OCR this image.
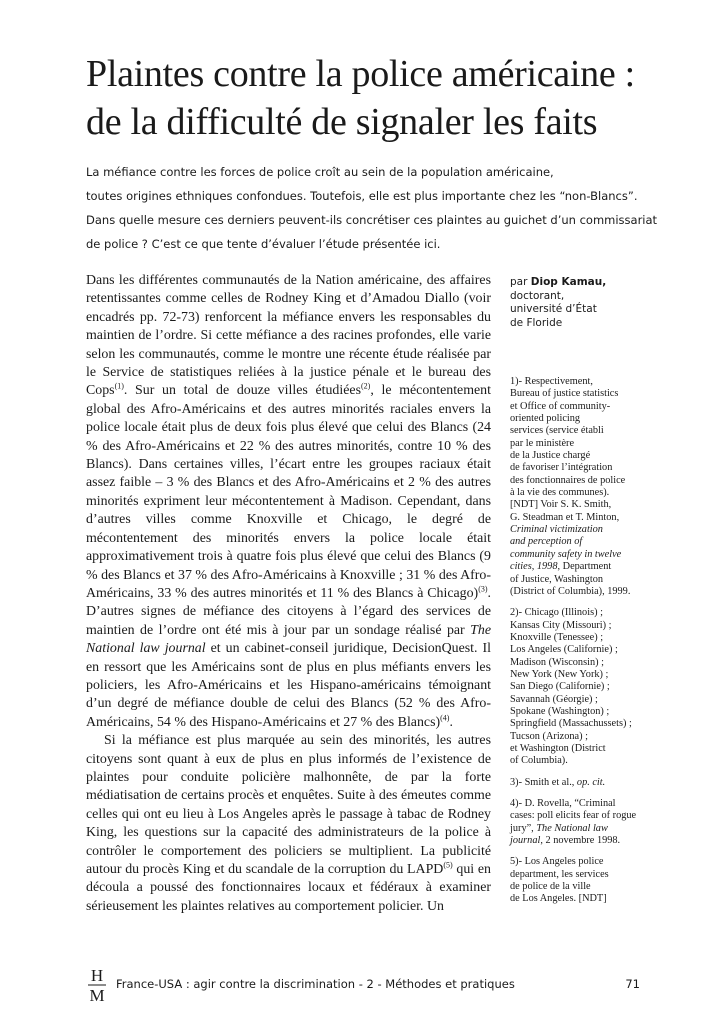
Plaintes contre la police américaine :
de la difficulté de signaler les faits
La méfiance contre les forces de police croît au sein de la population américaine,
toutes origines ethniques confondues. Toutefois, elle est plus importante chez les “non-Blancs”.
Dans quelle mesure ces derniers peuvent-ils concrétiser ces plaintes au guichet d’un commissariat
de police ? C’est ce que tente d’évaluer l’étude présentée ici.

Dans les différentes communautés de la Nation américaine, des affaires retentissantes comme celles de Rodney King et d’Amadou Diallo (voir encadrés pp. 72-73) renforcent la méfiance envers les responsables du maintien de l’ordre. Si cette méfiance a des racines profondes, elle varie selon les communautés, comme le montre une récente étude réalisée par le Service de statistiques reliées à la justice pénale et le bureau des Cops$^{(1)}$. Sur un total de douze villes étudiées$^{(2)}$, le mécontentement global des Afro-Américains et des autres minorités raciales envers la police locale était plus de deux fois plus élevé que celui des Blancs (24 % des Afro-Américains et 22 % des autres minorités, contre 10 % des Blancs). Dans certaines villes, l’écart entre les groupes raciaux était assez faible – 3 % des Blancs et des Afro-Américains et 2 % des autres minorités expriment leur mécontentement à Madison. Cependant, dans d’autres villes comme Knoxville et Chicago, le degré de mécontentement des minorités envers la police locale était approximativement trois à quatre fois plus élevé que celui des Blancs (9 % des Blancs et 37 % des Afro-Américains à Knoxville ; 31 % des Afro-Américains, 33 % des autres minorités et 11 % des Blancs à Chicago)$^{(3)}$. D’autres signes de méfiance des citoyens à l’égard des services de maintien de l’ordre ont été mis à jour par un sondage réalisé par The National law journal et un cabinet-conseil juridique, DecisionQuest. Il en ressort que les Américains sont de plus en plus méfiants envers les policiers, les Afro-Américains et les Hispano-américains témoignant d’un degré de méfiance double de celui des Blancs (52 % des Afro-Américains, 54 % des Hispano-Américains et 27 % des Blancs)$^{(4)}$.

Si la méfiance est plus marquée au sein des minorités, les autres citoyens sont quant à eux de plus en plus informés de l’existence de plaintes pour conduite policière malhonnête, de par la forte médiatisation de certains procès et enquêtes. Suite à des émeutes comme celles qui ont eu lieu à Los Angeles après le passage à tabac de Rodney King, les questions sur la capacité des administrateurs de la police à contrôler le comportement des policiers se multiplient. La publicité autour du procès King et du scandale de la corruption du LAPD$^{(5)}$ qui en découla a poussé des fonctionnaires locaux et fédéraux à examiner sérieusement les plaintes relatives au comportement policier. Un

par Diop Kamau,
doctorant,
université d’État
de Floride
1)- Respectivement,
Bureau of justice statistics
et Office of community-
oriented policing
services (service établi
par le ministère
de la Justice chargé
de favoriser l’intégration
des fonctionnaires de police
à la vie des communes).
[NDT] Voir S. K. Smith,
G. Steadman et T. Minton,
Criminal victimization
and perception of
community safety in twelve
cities, 1998, Department
of Justice, Washington
(District of Columbia), 1999.
2)- Chicago (Illinois) ;
Kansas City (Missouri) ;
Knoxville (Tenessee) ;
Los Angeles (Californie) ;
Madison (Wisconsin) ;
New York (New York) ;
San Diego (Californie) ;
Savannah (Géorgie) ;
Spokane (Washington) ;
Springfield (Massachussets) ;
Tucson (Arizona) ;
et Washington (District
of Columbia).
3)- Smith et al., op. cit.
4)- D. Rovella, “Criminal
cases: poll elicits fear of rogue
jury”, The National law
journal, 2 novembre 1998.
5)- Los Angeles police
department, les services
de police de la ville
de Los Angeles. [NDT]
H
M
France-USA : agir contre la discrimination - 2 - Méthodes et pratiques	71
